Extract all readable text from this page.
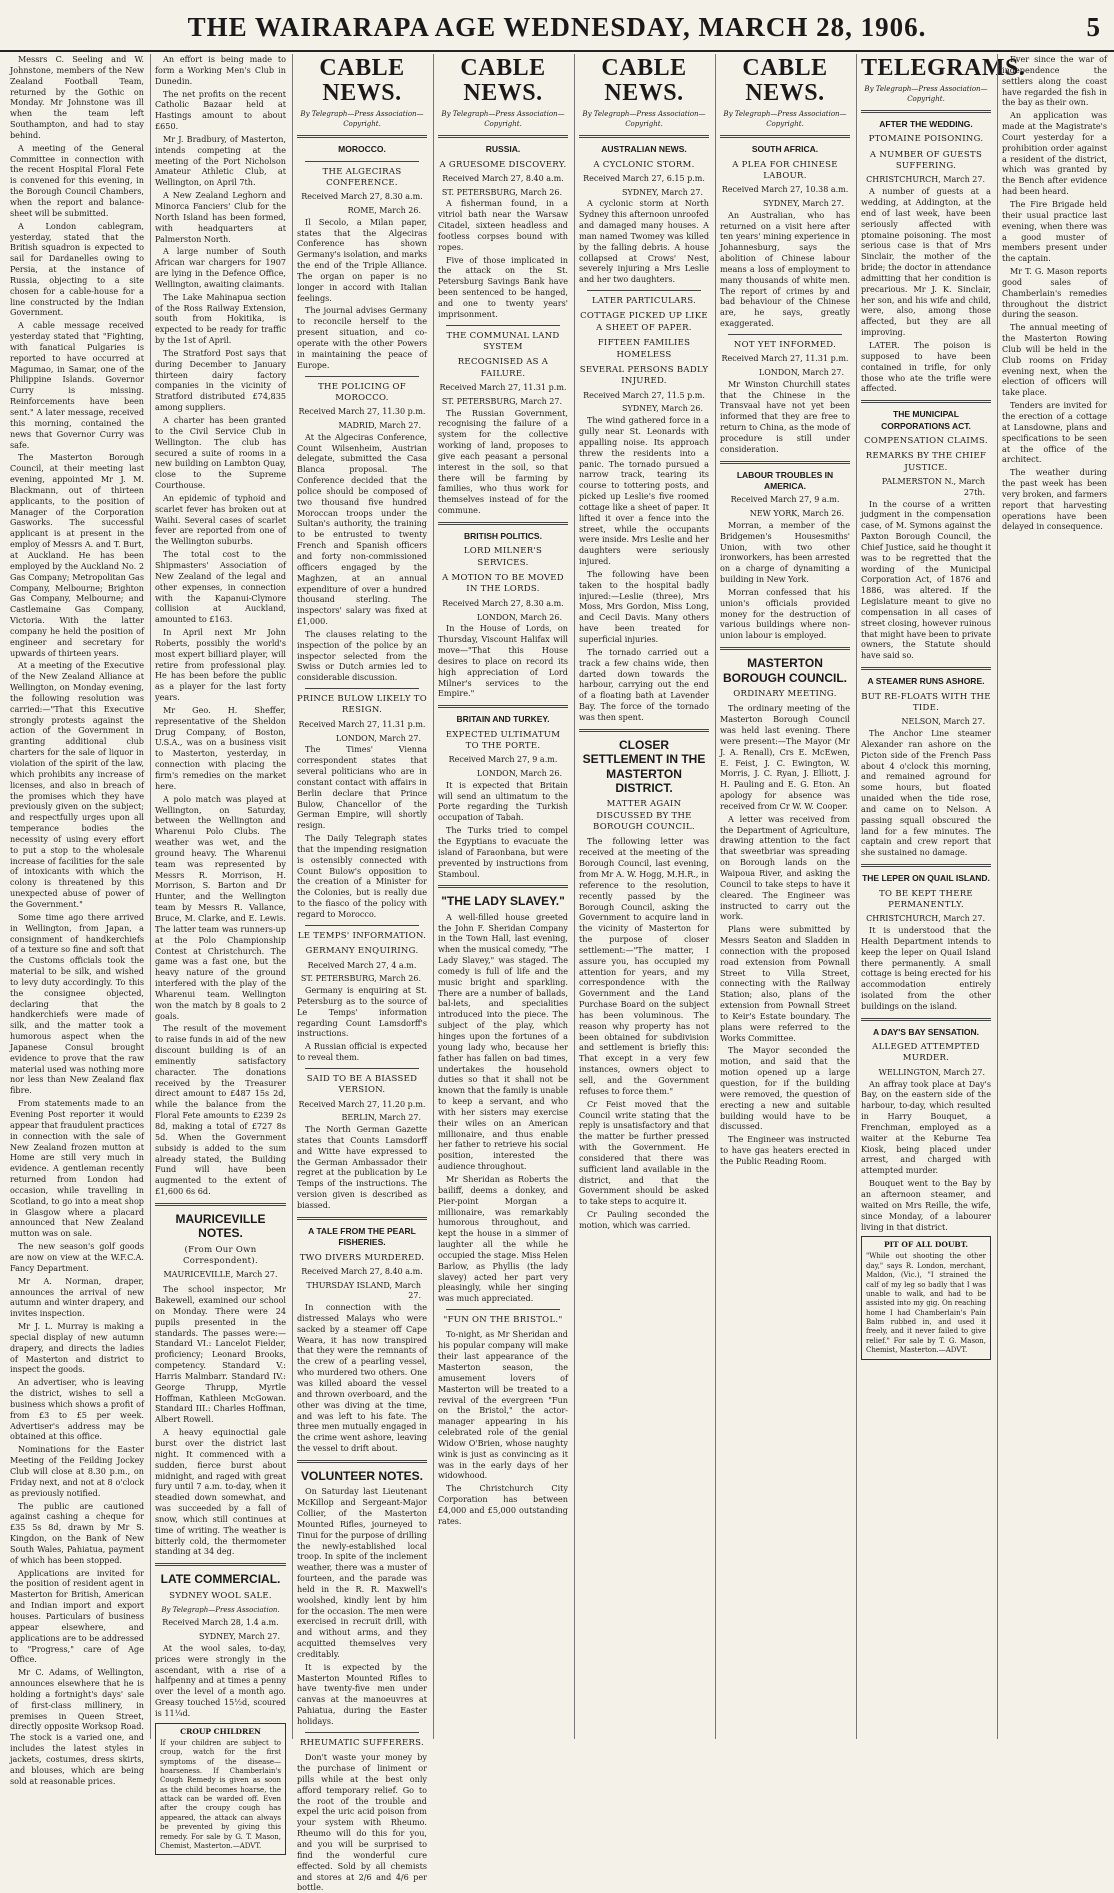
THE WAIRARAPA AGE WEDNESDAY, MARCH 28, 1906.	5

Messrs C. Seeling and W. Johnstone, members of the New Zealand Football Team, returned by the Gothic on Monday. Mr Johnstone was ill when the team left Southampton, and had to stay behind.

A meeting of the General Committee in connection with the recent Hospital Floral Fete is convened for this evening, in the Borough Council Chambers, when the report and balance-sheet will be submitted.

A London cablegram, yesterday, stated that the British squadron is expected to sail for Dardanelles owing to Persia, at the instance of Russia, objecting to a site chosen for a cable-house for a line constructed by the Indian Government.

A cable message received yesterday stated that "Fighting, with fanatical Pulgaries is reported to have occurred at Magumao, in Samar, one of the Philippine Islands. Governor Curry is missing. Reinforcements have been sent." A later message, received this morning, contained the news that Governor Curry was safe.

The Masterton Borough Council, at their meeting last evening, appointed Mr J. M. Blackmann, out of thirteen applicants, to the position of Manager of the Corporation Gasworks. The successful applicant is at present in the employ of Messrs A. and T. Burt, at Auckland. He has been employed by the Auckland No. 2 Gas Company; Metropolitan Gas Company, Melbourne; Brighton Gas Company, Melbourne; and Castlemaine Gas Company, Victoria. With the latter company he held the position of engineer and secretary for upwards of thirteen years.

At a meeting of the Executive of the New Zealand Alliance at Wellington, on Monday evening, the following resolution was carried:—"That this Executive strongly protests against the action of the Government in granting additional club charters for the sale of liquor in violation of the spirit of the law, which prohibits any increase of licenses, and also in breach of the promises which they have previously given on the subject; and respectfully urges upon all temperance bodies the necessity of using every effort to put a stop to the wholesale increase of facilities for the sale of intoxicants with which the colony is threatened by this unexpected abuse of power of the Government."

Some time ago there arrived in Wellington, from Japan, a consignment of handkerchiefs of a texture so fine and soft that the Customs officials took the material to be silk, and wished to levy duty accordingly. To this the consignee objected, declaring that the handkerchiefs were made of silk, and the matter took a humorous aspect when the Japanese Consul brought evidence to prove that the raw material used was nothing more nor less than New Zealand flax fibre.

From statements made to an Evening Post reporter it would appear that fraudulent practices in connection with the sale of New Zealand frozen mutton at Home are still very much in evidence. A gentleman recently returned from London had occasion, while travelling in Scotland, to go into a meat shop in Glasgow where a placard announced that New Zealand mutton was on sale.

The new season's golf goods are now on view at the W.F.C.A. Fancy Department.

Mr A. Norman, draper, announces the arrival of new autumn and winter drapery, and invites inspection.

Mr J. L. Murray is making a special display of new autumn drapery, and directs the ladies of Masterton and district to inspect the goods.

An advertiser, who is leaving the district, wishes to sell a business which shows a profit of from £3 to £5 per week. Advertiser's address may be obtained at this office.

Nominations for the Easter Meeting of the Feilding Jockey Club will close at 8.30 p.m., on Friday next, and not at 8 o'clock as previously notified.

The public are cautioned against cashing a cheque for £35 5s 8d, drawn by Mr S. Kingdon, on the Bank of New South Wales, Pahiatua, payment of which has been stopped.

Applications are invited for the position of resident agent in Masterton for British, American and Indian import and export houses. Particulars of business appear elsewhere, and applications are to be addressed to "Progress," care of Age Office.

Mr C. Adams, of Wellington, announces elsewhere that he is holding a fortnight's days' sale of first-class millinery, in premises in Queen Street, directly opposite Worksop Road. The stock is a varied one, and includes the latest styles in jackets, costumes, dress skirts, and blouses, which are being sold at reasonable prices.

An effort is being made to form a Working Men's Club in Dunedin.

The net profits on the recent Catholic Bazaar held at Hastings amount to about £650.

Mr J. Bradbury, of Masterton, intends competing at the meeting of the Port Nicholson Amateur Athletic Club, at Wellington, on April 7th.

A New Zealand Leghorn and Minorca Fanciers' Club for the North Island has been formed, with headquarters at Palmerston North.

A large number of South African war chargers for 1907 are lying in the Defence Office, Wellington, awaiting claimants.

The Lake Mahinapua section of the Ross Railway Extension, south from Hokitika, is expected to be ready for traffic by the 1st of April.

The Stratford Post says that during December to January thirteen dairy factory companies in the vicinity of Stratford distributed £74,835 among suppliers.

A charter has been granted to the Civil Service Club in Wellington. The club has secured a suite of rooms in a new building on Lambton Quay, close to the Supreme Courthouse.

An epidemic of typhoid and scarlet fever has broken out at Waihi. Several cases of scarlet fever are reported from one of the Wellington suburbs.

The total cost to the Shipmasters' Association of New Zealand of the legal and other expenses, in connection with the Kapanui-Clymore collision at Auckland, amounted to £163.

In April next Mr John Roberts, possibly the world's most expert billiard player, will retire from professional play. He has been before the public as a player for the last forty years.

Mr Geo. H. Sheffer, representative of the Sheldon Drug Company, of Boston, U.S.A., was on a business visit to Masterton, yesterday, in connection with placing the firm's remedies on the market here.

A polo match was played at Wellington, on Saturday, between the Wellington and Wharenui Polo Clubs. The weather was wet, and the ground heavy. The Wharenui team was represented by Messrs R. Morrison, H. Morrison, S. Barton and Dr Hunter, and the Wellington team by Messrs R. Vallance, Bruce, M. Clarke, and E. Lewis. The latter team was runners-up at the Polo Championship Contest at Christchurch. The game was a fast one, but the heavy nature of the ground interfered with the play of the Wharenui team. Wellington won the match by 8 goals to 2 goals.

The result of the movement to raise funds in aid of the new discount building is of an eminently satisfactory character. The donations received by the Treasurer direct amount to £487 15s 2d, while the balance from the Floral Fete amounts to £239 2s 8d, making a total of £727 8s 5d. When the Government subsidy is added to the sum already stated, the Building Fund will have been augmented to the extent of £1,600 6s 6d.

MAURICEVILLE NOTES.
(From Our Own Correspondent).
MAURICEVILLE, March 27.

The school inspector, Mr Bakewell, examined our school on Monday. There were 24 pupils presented in the standards. The passes were:—Standard VI.: Lancelot Fielder, proficiency; Leonard Brooks, competency. Standard V.: Harris Malmbarr. Standard IV.: George Thrupp, Myrtle Hoffman, Kathleen McGowan. Standard III.: Charles Hoffman, Albert Rowell.

A heavy equinoctial gale burst over the district last night. It commenced with a sudden, fierce burst about midnight, and raged with great fury until 7 a.m. to-day, when it steadied down somewhat, and was succeeded by a fall of snow, which still continues at time of writing. The weather is bitterly cold, the thermometer standing at 34 deg.

LATE COMMERCIAL.
SYDNEY WOOL SALE.
By Telegraph—Press Association.
Received March 28, 1.4 a.m.
SYDNEY, March 27.

At the wool sales, to-day, prices were strongly in the ascendant, with a rise of a halfpenny and at times a penny over the level of a month ago. Greasy touched 15½d, scoured is 11¼d.

CROUP CHILDREN
If your children are subject to croup, watch for the first symptoms of the disease—hoarseness. If Chamberlain's Cough Remedy is given as soon as the child becomes hoarse, the attack can be warded off. Even after the croupy cough has appeared, the attack can always be prevented by giving this remedy. For sale by G. T. Mason, Chemist, Masterton.—ADVT.
CABLE NEWS.
By Telegraph—Press Association—Copyright.
MOROCCO.
THE ALGECIRAS CONFERENCE.
Received March 27, 8.30 a.m.
ROME, March 26.

Il Secolo, a Milan paper, states that the Algeciras Conference has shown Germany's isolation, and marks the end of the Triple Alliance. The organ on paper is no longer in accord with Italian feelings.

The journal advises Germany to reconcile herself to the present situation, and co-operate with the other Powers in maintaining the peace of Europe.

THE POLICING OF MOROCCO.
Received March 27, 11.30 p.m.
MADRID, March 27.

At the Algeciras Conference, Count Wilsenheim, Austrian delegate, submitted the Casa Blanca proposal. The Conference decided that the police should be composed of two thousand five hundred Moroccan troops under the Sultan's authority, the training to be entrusted to twenty French and Spanish officers and forty non-commissioned officers engaged by the Maghzen, at an annual expenditure of over a hundred thousand sterling. The inspectors' salary was fixed at £1,000.

The clauses relating to the inspection of the police by an inspector selected from the Swiss or Dutch armies led to considerable discussion.

PRINCE BULOW LIKELY TO RESIGN.
Received March 27, 11.31 p.m.
LONDON, March 27.

The Times' Vienna correspondent states that several politicians who are in constant contact with affairs in Berlin declare that Prince Bulow, Chancellor of the German Empire, will shortly resign.

The Daily Telegraph states that the impending resignation is ostensibly connected with Count Bulow's opposition to the creation of a Minister for the Colonies, but is really due to the fiasco of the policy with regard to Morocco.

LE TEMPS' INFORMATION.
GERMANY ENQUIRING.
Received March 27, 4 a.m.
ST. PETERSBURG, March 26.

Germany is enquiring at St. Petersburg as to the source of Le Temps' information regarding Count Lamsdorff's instructions.

A Russian official is expected to reveal them.

SAID TO BE A BIASSED VERSION.
Received March 27, 11.20 p.m.
BERLIN, March 27.

The North German Gazette states that Counts Lamsdorff and Witte have expressed to the German Ambassador their regret at the publication by Le Temps of the instructions. The version given is described as biassed.

A TALE FROM THE PEARL FISHERIES.
TWO DIVERS MURDERED.
Received March 27, 8.40 a.m.
THURSDAY ISLAND, March 27.

In connection with the distressed Malays who were sacked by a steamer off Cape Weara, it has now transpired that they were the remnants of the crew of a pearling vessel, who murdered two others. One was killed aboard the vessel and thrown overboard, and the other was diving at the time, and was left to his fate. The three men mutually engaged in the crime went ashore, leaving the vessel to drift about.

VOLUNTEER NOTES.

On Saturday last Lieutenant McKillop and Sergeant-Major Collier, of the Masterton Mounted Rifles, journeyed to Tinui for the purpose of drilling the newly-established local troop. In spite of the inclement weather, there was a muster of fourteen, and the parade was held in the R. R. Maxwell's woolshed, kindly lent by him for the occasion. The men were exercised in recruit drill, with and without arms, and they acquitted themselves very creditably.

It is expected by the Masterton Mounted Rifles to have twenty-five men under canvas at the manoeuvres at Pahiatua, during the Easter holidays.

RHEUMATIC SUFFERERS.

Don't waste your money by the purchase of liniment or pills while at the best only afford temporary relief. Go to the root of the trouble and expel the uric acid poison from your system with Rheumo. Rheumo will do this for you, and you will be surprised to find the wonderful cure effected. Sold by all chemists and stores at 2/6 and 4/6 per bottle.

CABLE NEWS.
By Telegraph—Press Association—Copyright.
RUSSIA.
A GRUESOME DISCOVERY.
Received March 27, 8.40 a.m.
ST. PETERSBURG, March 26.

A fisherman found, in a vitriol bath near the Warsaw Citadel, sixteen headless and footless corpses bound with ropes.

Five of those implicated in the attack on the St. Petersburg Savings Bank have been sentenced to be hanged, and one to twenty years' imprisonment.

THE COMMUNAL LAND SYSTEM
RECOGNISED AS A FAILURE.
Received March 27, 11.31 p.m.
ST. PETERSBURG, March 27.

The Russian Government, recognising the failure of a system for the collective working of land, proposes to give each peasant a personal interest in the soil, so that there will be farming by families, who thus work for themselves instead of for the commune.

BRITISH POLITICS.
LORD MILNER'S SERVICES.
A MOTION TO BE MOVED IN THE LORDS.
Received March 27, 8.30 a.m.
LONDON, March 26.

In the House of Lords, on Thursday, Viscount Halifax will move—"That this House desires to place on record its high appreciation of Lord Milner's services to the Empire."

BRITAIN AND TURKEY.
EXPECTED ULTIMATUM TO THE PORTE.
Received March 27, 9 a.m.
LONDON, March 26.

It is expected that Britain will send an ultimatum to the Porte regarding the Turkish occupation of Tabah.

The Turks tried to compel the Egyptians to evacuate the island of Faraonbana, but were prevented by instructions from Stamboul.

"THE LADY SLAVEY."

A well-filled house greeted the John F. Sheridan Company in the Town Hall, last evening, when the musical comedy, "The Lady Slavey," was staged. The comedy is full of life and the music bright and sparkling. There are a number of ballads, bal-lets, and specialities introduced into the piece. The subject of the play, which hinges upon the fortunes of a young lady who, because her father has fallen on bad times, undertakes the household duties so that it shall not be known that the family is unable to keep a servant, and who with her sisters may exercise their wiles on an American millionaire, and thus enable her father to retrieve his social position, interested the audience throughout.

Mr Sheridan as Roberts the bailiff, deems a donkey, and Pier-point Morgan a millionaire, was remarkably humorous throughout, and kept the house in a simmer of laughter all the while he occupied the stage. Miss Helen Barlow, as Phyllis (the lady slavey) acted her part very pleasingly, while her singing was much appreciated.

"FUN ON THE BRISTOL."

To-night, as Mr Sheridan and his popular company will make their last appearance of the Masterton season, the amusement lovers of Masterton will be treated to a revival of the evergreen "Fun on the Bristol," the actor-manager appearing in his celebrated role of the genial Widow O'Brien, whose naughty wink is just as convincing as it was in the early days of her widowhood.

The Christchurch City Corporation has between £4,000 and £5,000 outstanding rates.

CABLE NEWS.
By Telegraph—Press Association—Copyright.
AUSTRALIAN NEWS.
A CYCLONIC STORM.
Received March 27, 6.15 p.m.
SYDNEY, March 27.

A cyclonic storm at North Sydney this afternoon unroofed and damaged many houses. A man named Twomey was killed by the falling debris. A house collapsed at Crows' Nest, severely injuring a Mrs Leslie and her two daughters.

LATER PARTICULARS.
COTTAGE PICKED UP LIKE A SHEET OF PAPER.
FIFTEEN FAMILIES HOMELESS
SEVERAL PERSONS BADLY INJURED.
Received March 27, 11.5 p.m.
SYDNEY, March 26.

The wind gathered force in a gully near St. Leonards with appalling noise. Its approach threw the residents into a panic. The tornado pursued a narrow track, tearing its course to tottering posts, and picked up Leslie's five roomed cottage like a sheet of paper. It lifted it over a fence into the street, while the occupants were inside. Mrs Leslie and her daughters were seriously injured.

The following have been taken to the hospital badly injured:—Leslie (three), Mrs Moss, Mrs Gordon, Miss Long, and Cecil Davis. Many others have been treated for superficial injuries.

The tornado carried out a track a few chains wide, then darted down towards the harbour, carrying out the end of a floating bath at Lavender Bay. The force of the tornado was then spent.

CLOSER SETTLEMENT IN THE MASTERTON DISTRICT.
MATTER AGAIN DISCUSSED BY THE BOROUGH COUNCIL.

The following letter was received at the meeting of the Borough Council, last evening, from Mr A. W. Hogg, M.H.R., in reference to the resolution, recently passed by the Borough Council, asking the Government to acquire land in the vicinity of Masterton for the purpose of closer settlement:—"The matter, I assure you, has occupied my attention for years, and my correspondence with the Government and the Land Purchase Board on the subject has been voluminous. The reason why property has not been obtained for subdivision and settlement is briefly this: That except in a very few instances, owners object to sell, and the Government refuses to force them."

Cr Feist moved that the Council write stating that the reply is unsatisfactory and that the matter be further pressed with the Government. He considered that there was sufficient land available in the district, and that the Government should be asked to take steps to acquire it.

Cr Pauling seconded the motion, which was carried.

CABLE NEWS.
By Telegraph—Press Association—Copyright.
SOUTH AFRICA.
A PLEA FOR CHINESE LABOUR.
Received March 27, 10.38 a.m.
SYDNEY, March 27.

An Australian, who has returned on a visit here after ten years' mining experience in Johannesburg, says the abolition of Chinese labour means a loss of employment to many thousands of white men. The report of crimes by and bad behaviour of the Chinese are, he says, greatly exaggerated.

NOT YET INFORMED.
Received March 27, 11.31 p.m.
LONDON, March 27.

Mr Winston Churchill states that the Chinese in the Transvaal have not yet been informed that they are free to return to China, as the mode of procedure is still under consideration.

LABOUR TROUBLES IN AMERICA.
Received March 27, 9 a.m.
NEW YORK, March 26.

Morran, a member of the Bridgemen's Housesmiths' Union, with two other ironworkers, has been arrested on a charge of dynamiting a building in New York.

Morran confessed that his union's officials provided money for the destruction of various buildings where non-union labour is employed.

MASTERTON BOROUGH COUNCIL.
ORDINARY MEETING.

The ordinary meeting of the Masterton Borough Council was held last evening. There were present:—The Mayor (Mr J. A. Renall), Crs E. McEwen, E. Feist, J. C. Ewington, W. Morris, J. C. Ryan, J. Elliott, J. H. Pauling and E. G. Eton. An apology for absence was received from Cr W. W. Cooper.

A letter was received from the Department of Agriculture, drawing attention to the fact that sweetbriar was spreading on Borough lands on the Waipoua River, and asking the Council to take steps to have it cleared. The Engineer was instructed to carry out the work.

Plans were submitted by Messrs Seaton and Sladden in connection with the proposed road extension from Pownall Street to Villa Street, connecting with the Railway Station; also, plans of the extension from Pownall Street to Keir's Estate boundary. The plans were referred to the Works Committee.

The Mayor seconded the motion, and said that the motion opened up a large question, for if the building were removed, the question of erecting a new and suitable building would have to be discussed.

The Engineer was instructed to have gas heaters erected in the Public Reading Room.

TELEGRAMS.
By Telegraph—Press Association—Copyright.
AFTER THE WEDDING.
PTOMAINE POISONING.
A NUMBER OF GUESTS SUFFERING.
CHRISTCHURCH, March 27.

A number of guests at a wedding, at Addington, at the end of last week, have been seriously affected with ptomaine poisoning. The most serious case is that of Mrs Sinclair, the mother of the bride; the doctor in attendance admitting that her condition is precarious. Mr J. K. Sinclair, her son, and his wife and child, were, also, among those affected, but they are all improving.

LATER. The poison is supposed to have been contained in trifle, for only those who ate the trifle were affected.

THE MUNICIPAL CORPORATIONS ACT.
COMPENSATION CLAIMS.
REMARKS BY THE CHIEF JUSTICE.
PALMERSTON N., March 27th.

In the course of a written judgment in the compensation case, of M. Symons against the Paxton Borough Council, the Chief Justice, said he thought it was to be regretted that the wording of the Municipal Corporation Act, of 1876 and 1886, was altered. If the Legislature meant to give no compensation in all cases of street closing, however ruinous that might have been to private owners, the Statute should have said so.

A STEAMER RUNS ASHORE.
BUT RE-FLOATS WITH THE TIDE.
NELSON, March 27.

The Anchor Line steamer Alexander ran ashore on the Picton side of the French Pass about 4 o'clock this morning, and remained aground for some hours, but floated unaided when the tide rose, and came on to Nelson. A passing squall obscured the land for a few minutes. The captain and crew report that she sustained no damage.

THE LEPER ON QUAIL ISLAND.
TO BE KEPT THERE PERMANENTLY.
CHRISTCHURCH, March 27.

It is understood that the Health Department intends to keep the leper on Quail Island there permanently. A small cottage is being erected for his accommodation entirely isolated from the other buildings on the island.

A DAY'S BAY SENSATION.
ALLEGED ATTEMPTED MURDER.
WELLINGTON, March 27.

An affray took place at Day's Bay, on the eastern side of the harbour, to-day, which resulted in Harry Bouquet, a Frenchman, employed as a waiter at the Keburne Tea Kiosk, being placed under arrest, and charged with attempted murder.

Bouquet went to the Bay by an afternoon steamer, and waited on Mrs Reille, the wife, since Monday, of a labourer living in that district.

PIT OF ALL DOUBT.
"While out shooting the other day," says R. London, merchant, Maldon, (Vic.), "I strained the calf of my leg so badly that I was unable to walk, and had to be assisted into my gig. On reaching home I had Chamberlain's Pain Balm rubbed in, and used it freely, and it never failed to give relief." For sale by T. G. Mason, Chemist, Masterton.—ADVT.

Ever since the war of independence the settlers along the coast have regarded the fish in the bay as their own.

An application was made at the Magistrate's Court yesterday for a prohibition order against a resident of the district, which was granted by the Bench after evidence had been heard.

The Fire Brigade held their usual practice last evening, when there was a good muster of members present under the captain.

Mr T. G. Mason reports good sales of Chamberlain's remedies throughout the district during the season.

The annual meeting of the Masterton Rowing Club will be held in the Club rooms on Friday evening next, when the election of officers will take place.

Tenders are invited for the erection of a cottage at Lansdowne, plans and specifications to be seen at the office of the architect.

The weather during the past week has been very broken, and farmers report that harvesting operations have been delayed in consequence.
